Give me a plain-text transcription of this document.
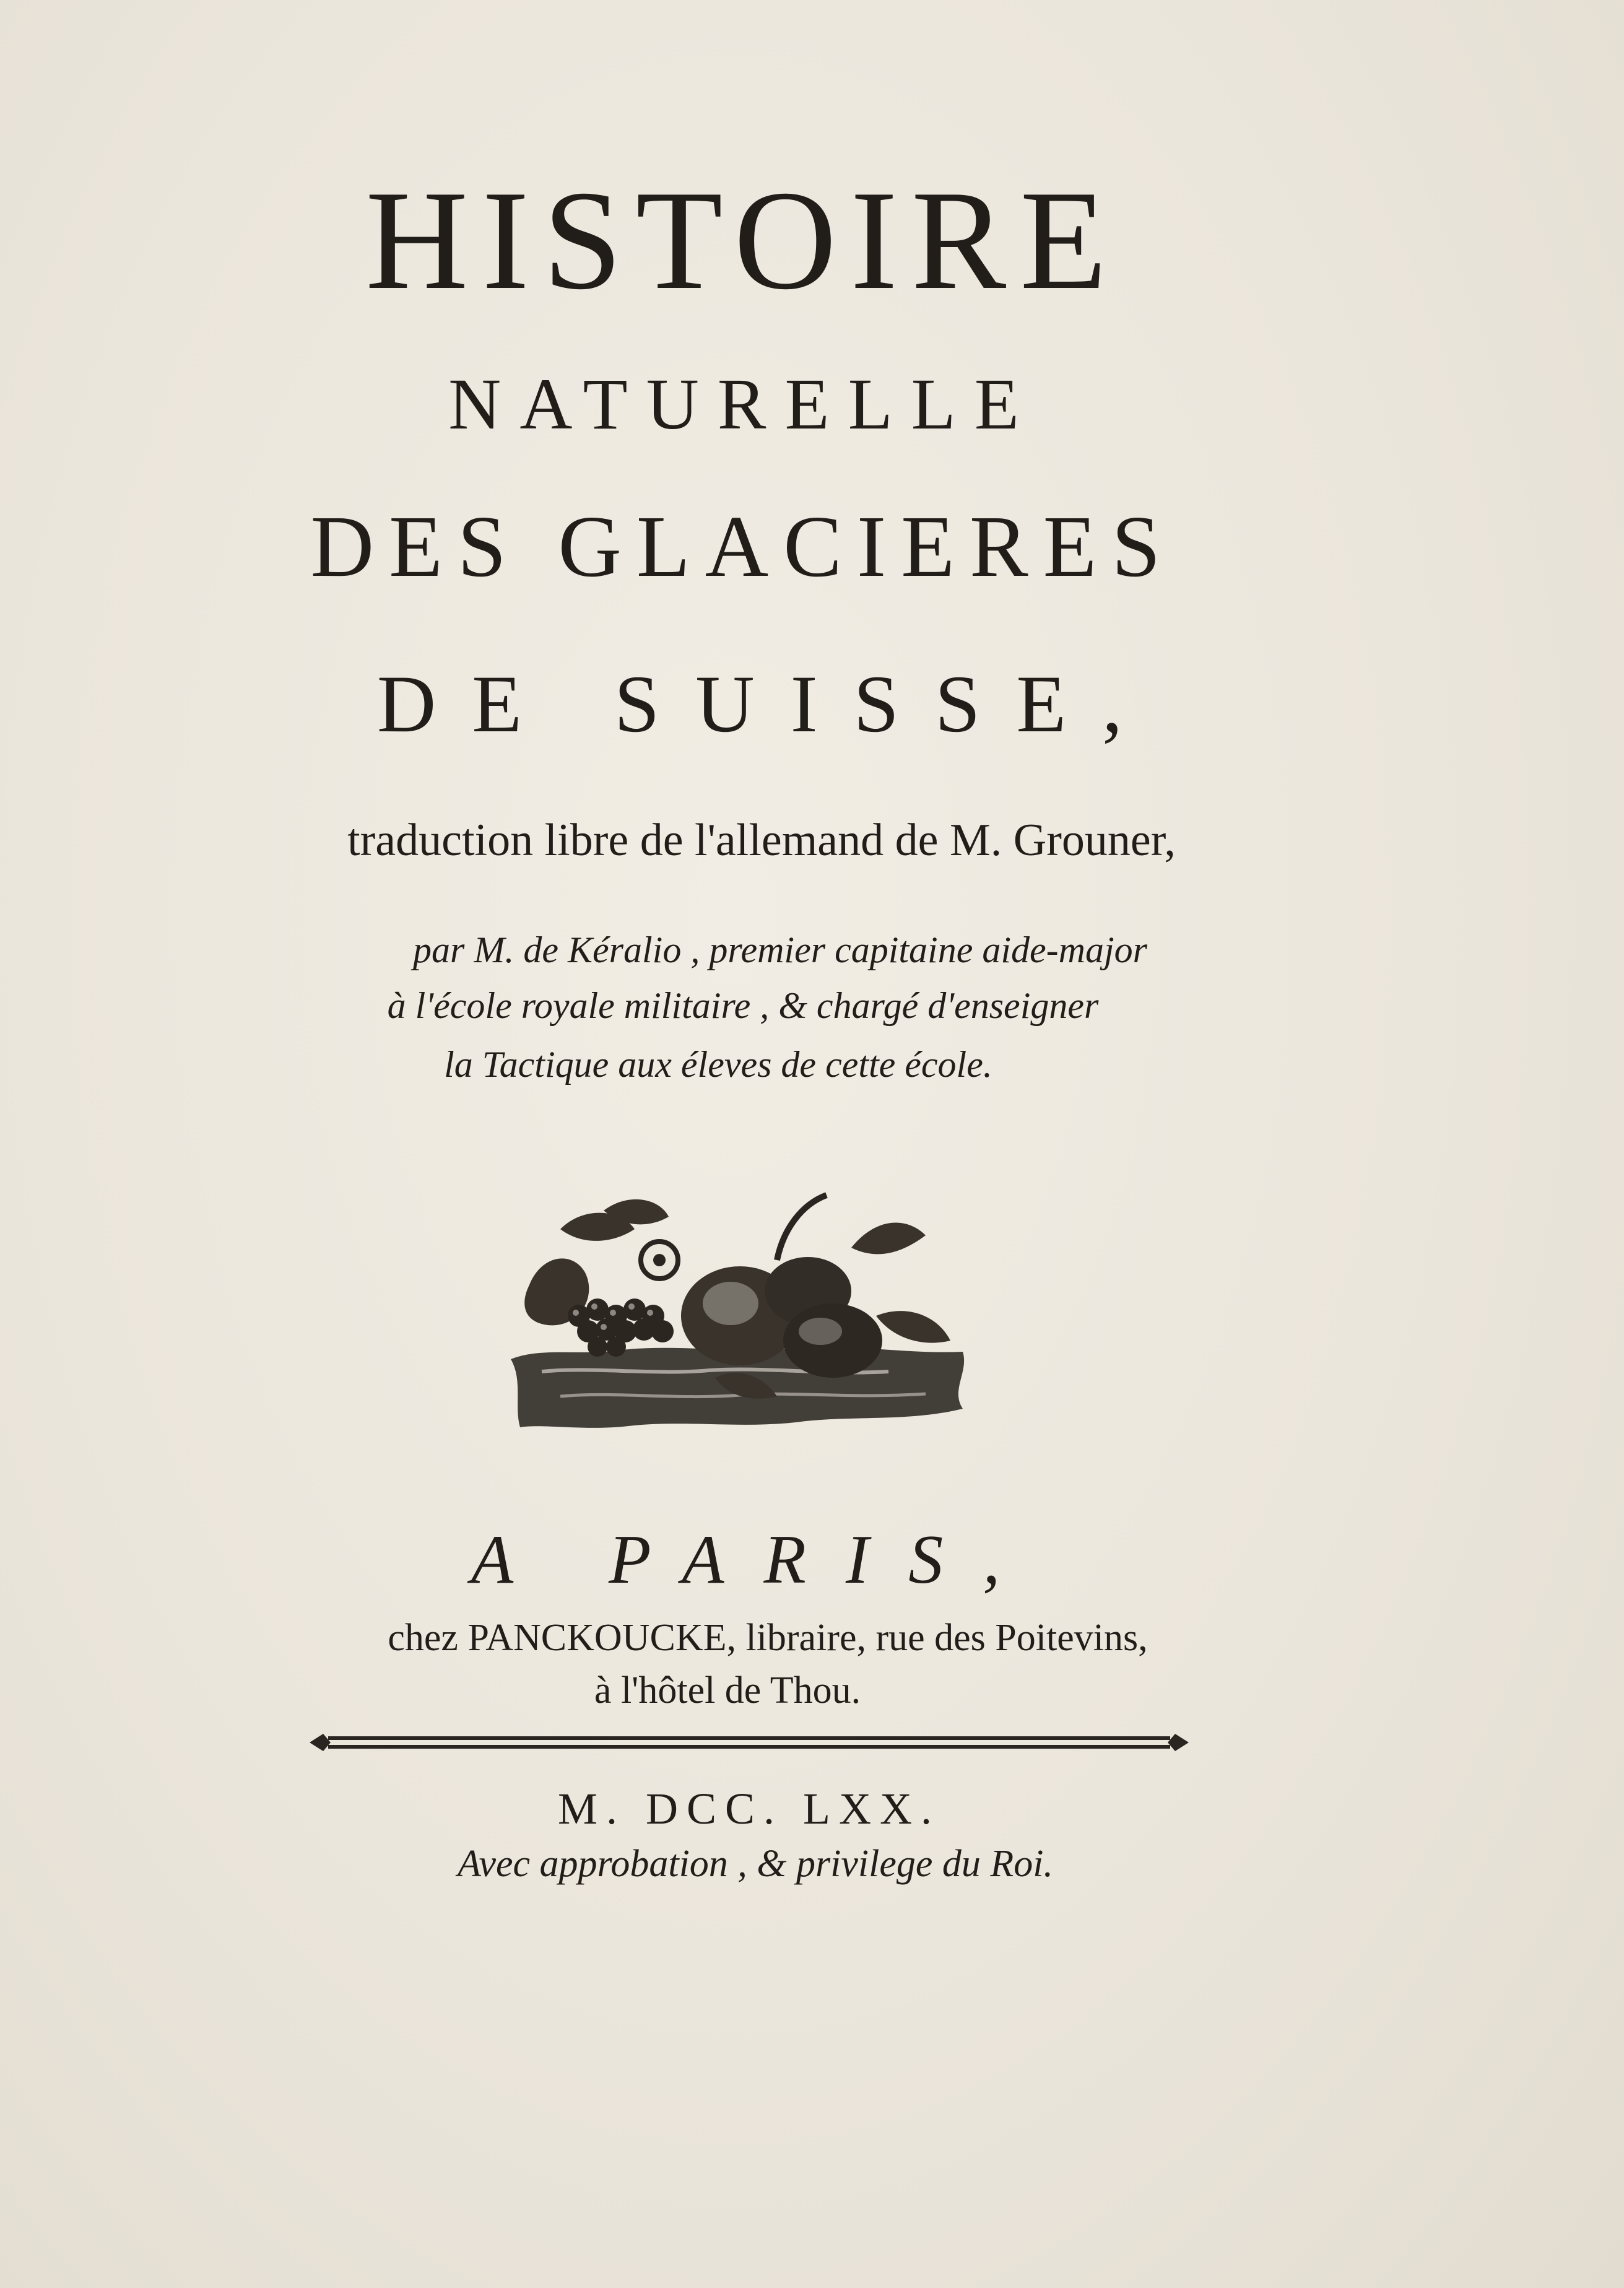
HISTOIRE
NATURELLE
DES GLACIERES
DE SUISSE,
traduction libre de l'allemand de M. Grouner,
par M. de Kéralio , premier capitaine aide-major
à l'école royale militaire , & chargé d'enseigner
la Tactique aux éleves de cette école.
A PARIS,
chez PANCKOUCKE, libraire, rue des Poitevins,
à l'hôtel de Thou.
M. DCC. LXX.
Avec approbation , & privilege du Roi.
